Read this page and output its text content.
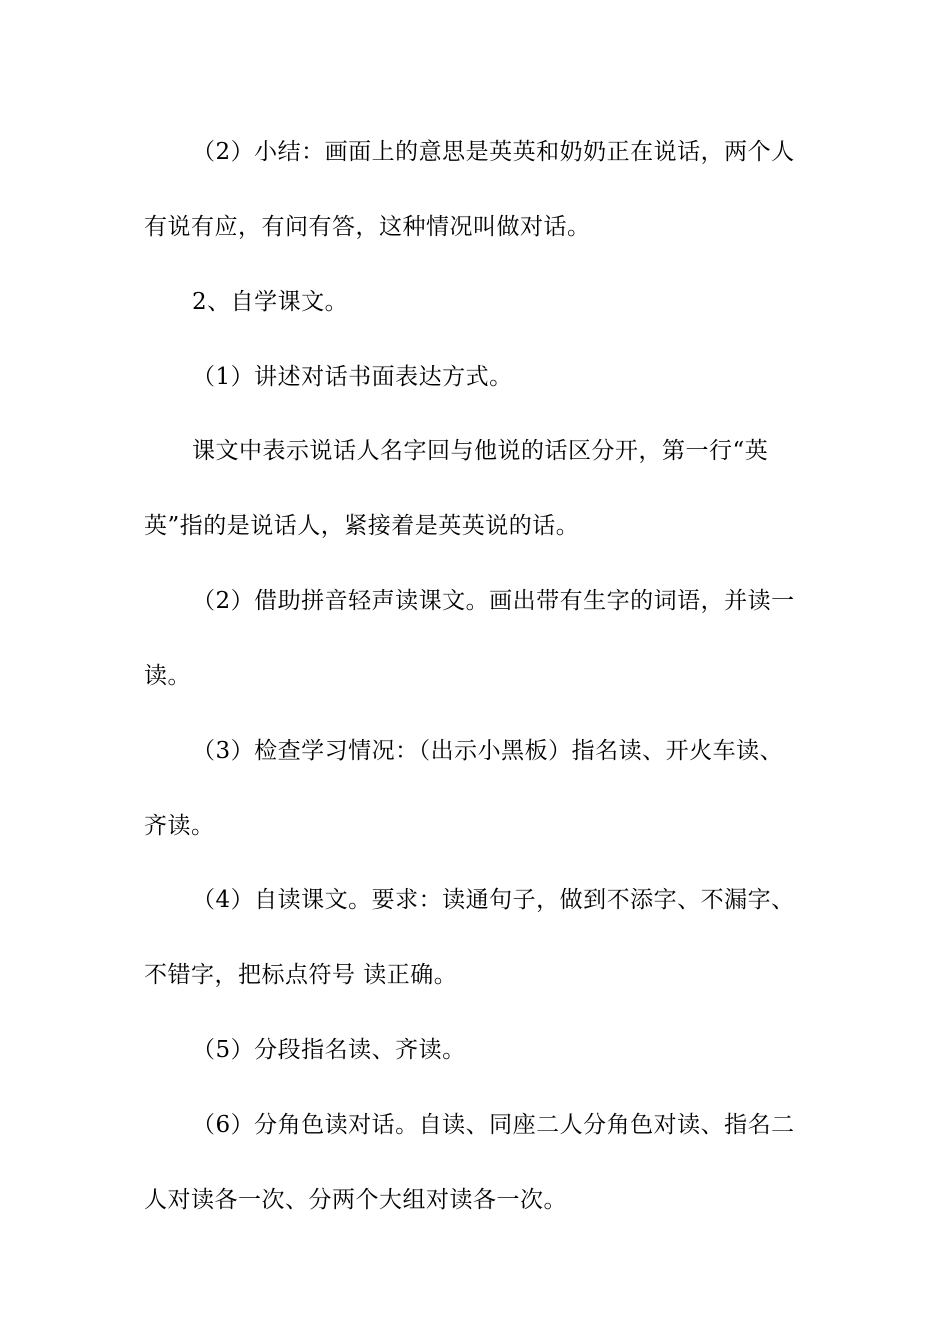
（2）小结：画面上的意思是英英和奶奶正在说话，两个人
有说有应，有问有答，这种情况叫做对话。
2、自学课文。
（1）讲述对话书面表达方式。
课文中表示说话人名字回与他说的话区分开，第一行“英
英”指的是说话人，紧接着是英英说的话。
（2）借助拼音轻声读课文。画出带有生字的词语，并读一
读。
（3）检查学习情况：（出示小黑板）指名读、开火车读、
齐读。
（4）自读课文。要求：读通句子，做到不添字、不漏字、
不错字，把标点符号 读正确。
（5）分段指名读、齐读。
（6）分角色读对话。自读、同座二人分角色对读、指名二
人对读各一次、分两个大组对读各一次。
